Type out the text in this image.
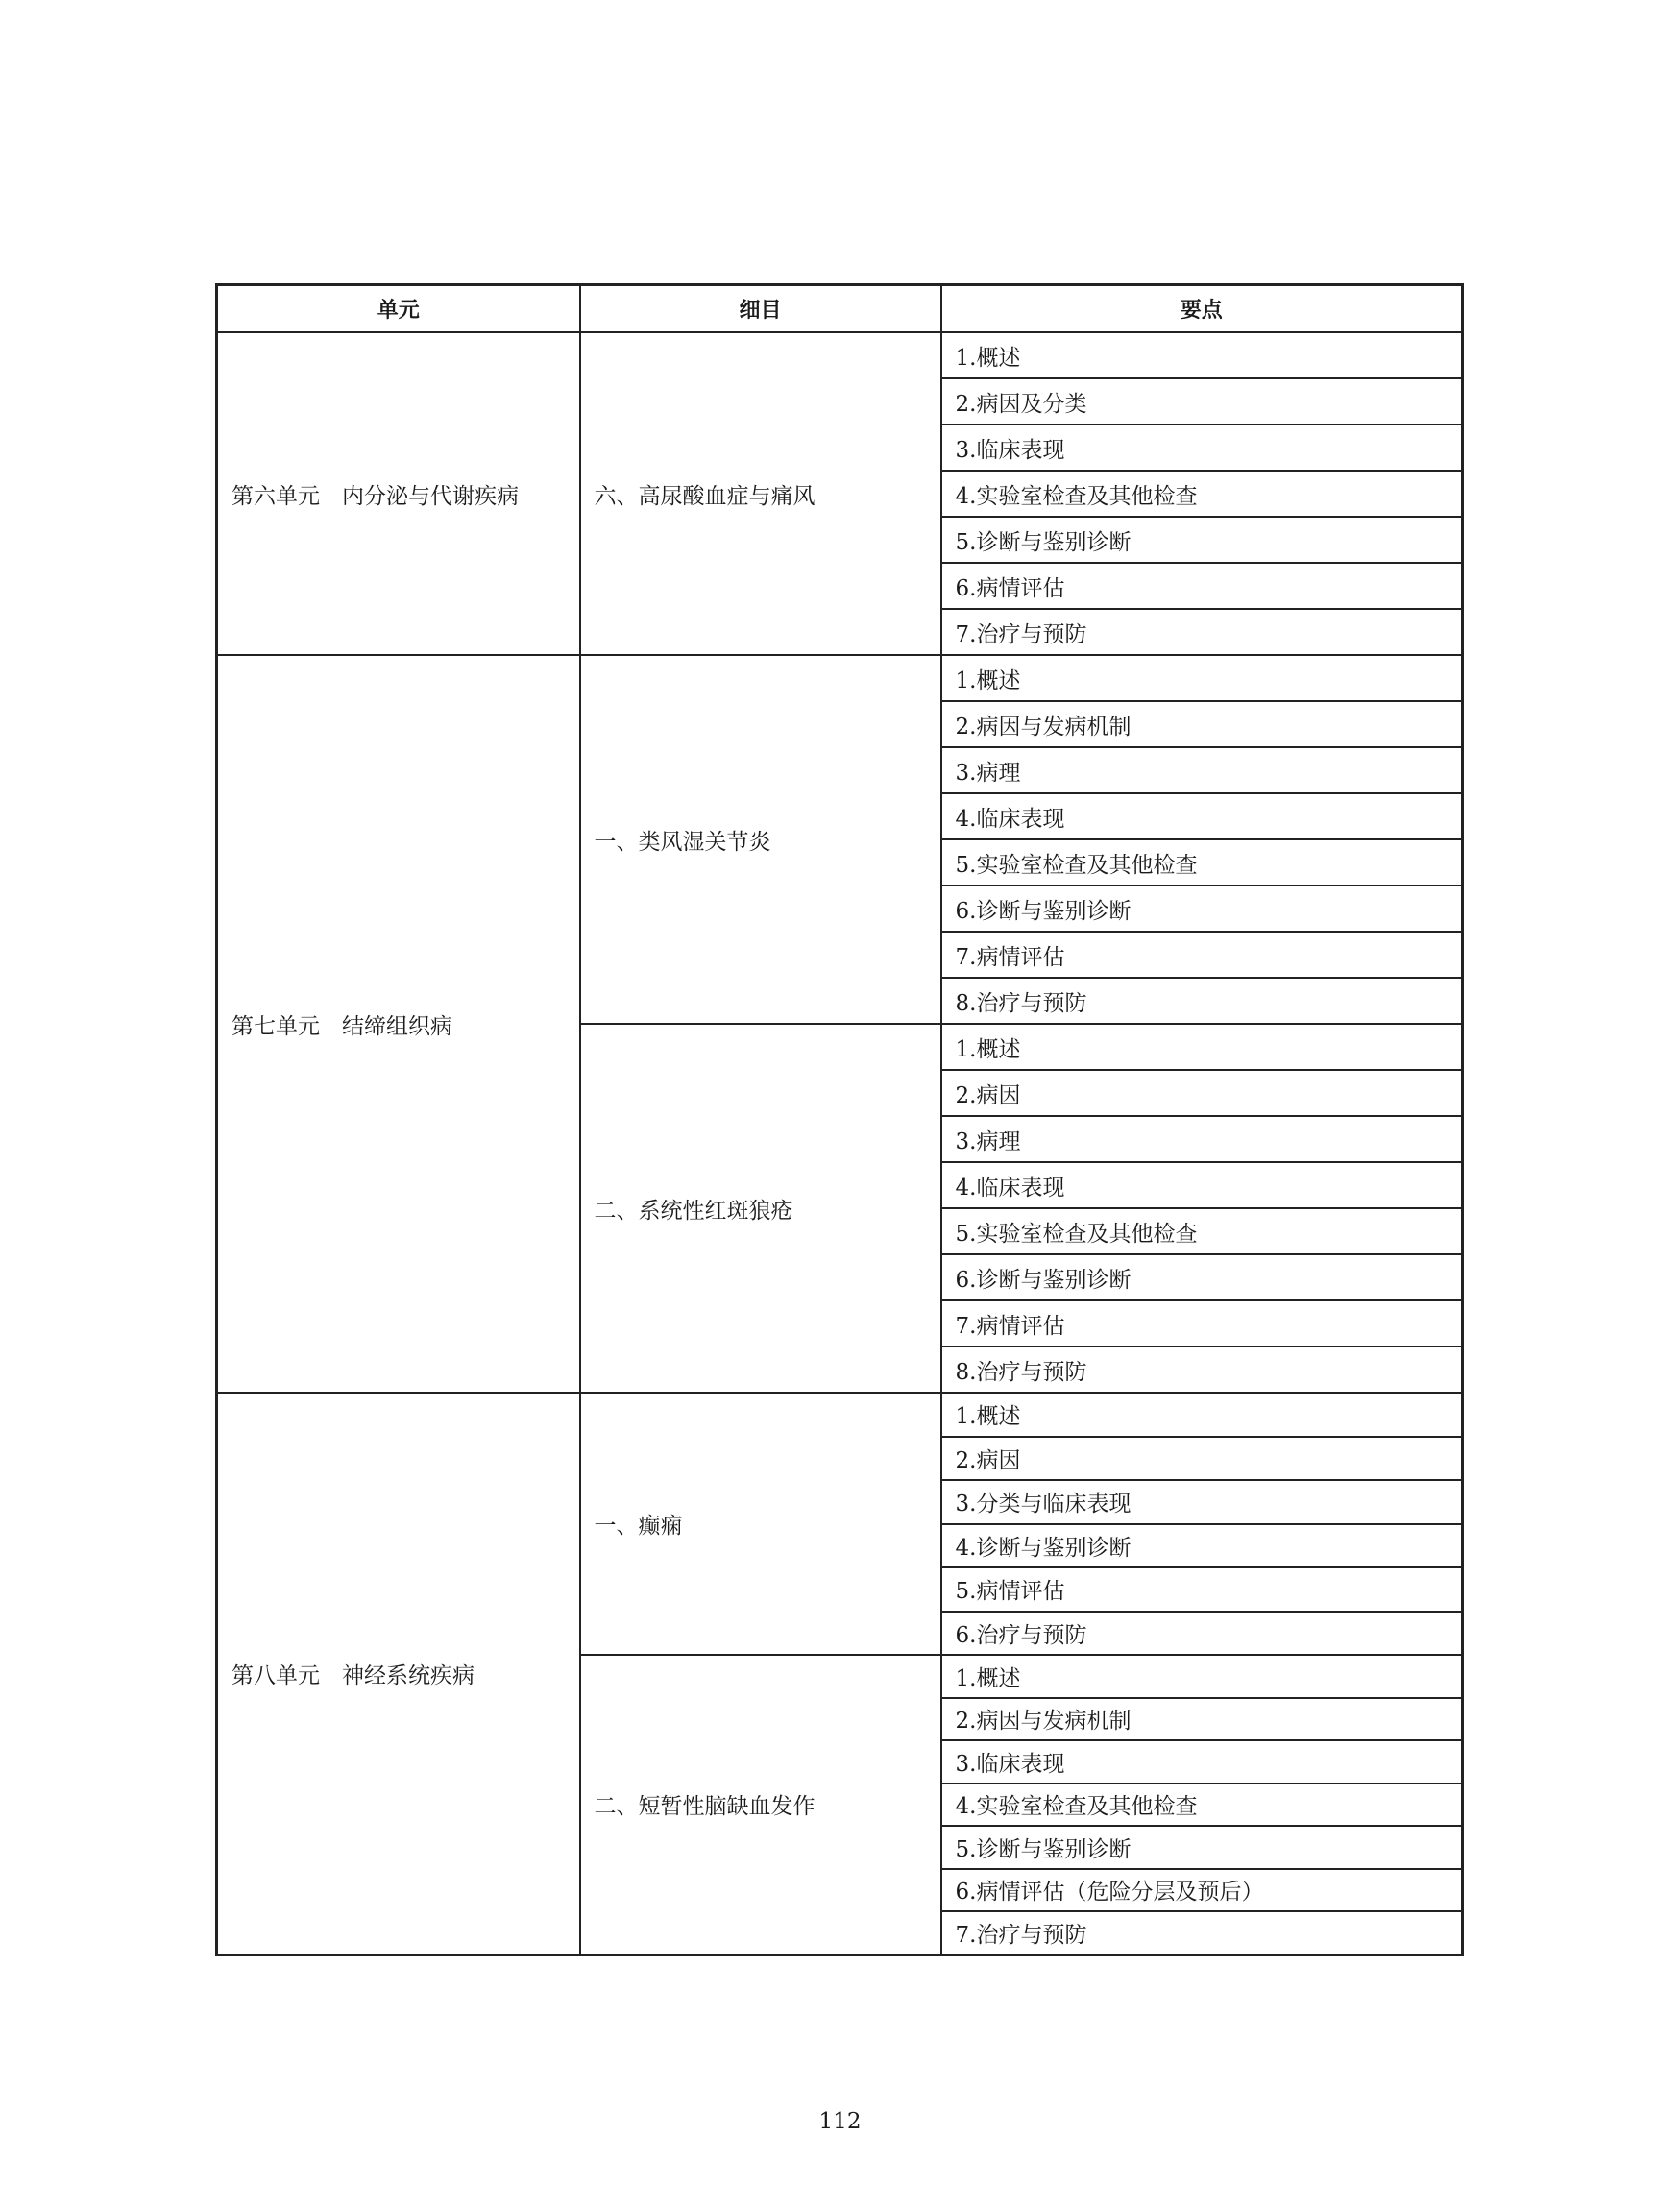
单元	细目	要点
第六单元　内分泌与代谢疾病	六、高尿酸血症与痛风	1.概述
		2.病因及分类
		3.临床表现
		4.实验室检查及其他检查
		5.诊断与鉴别诊断
		6.病情评估
		7.治疗与预防
第七单元　结缔组织病	一、类风湿关节炎	1.概述
		2.病因与发病机制
		3.病理
		4.临床表现
		5.实验室检查及其他检查
		6.诊断与鉴别诊断
		7.病情评估
		8.治疗与预防
	二、系统性红斑狼疮	1.概述
		2.病因
		3.病理
		4.临床表现
		5.实验室检查及其他检查
		6.诊断与鉴别诊断
		7.病情评估
		8.治疗与预防
第八单元　神经系统疾病	一、癫痫	1.概述
		2.病因
		3.分类与临床表现
		4.诊断与鉴别诊断
		5.病情评估
		6.治疗与预防
	二、短暂性脑缺血发作	1.概述
		2.病因与发病机制
		3.临床表现
		4.实验室检查及其他检查
		5.诊断与鉴别诊断
		6.病情评估（危险分层及预后）
		7.治疗与预防
112
